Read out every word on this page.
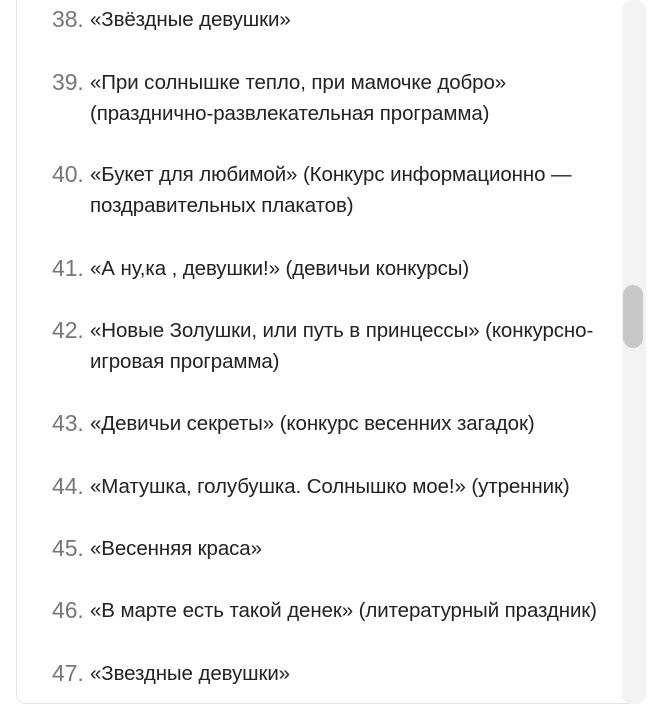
38. «Звёздные девушки»
39. «При солнышке тепло, при мамочке добро» (празднично-развлекательная программа)
40. «Букет для любимой» (Конкурс информационно — поздравительных плакатов)
41. «А ну,ка , девушки!» (девичьи конкурсы)
42. «Новые Золушки, или путь в принцессы» (конкурсно-игровая программа)
43. «Девичьи секреты» (конкурс весенних загадок)
44. «Матушка, голубушка. Солнышко мое!» (утренник)
45. «Весенняя краса»
46. «В марте есть такой денек» (литературный праздник)
47. «Звездные девушки»
